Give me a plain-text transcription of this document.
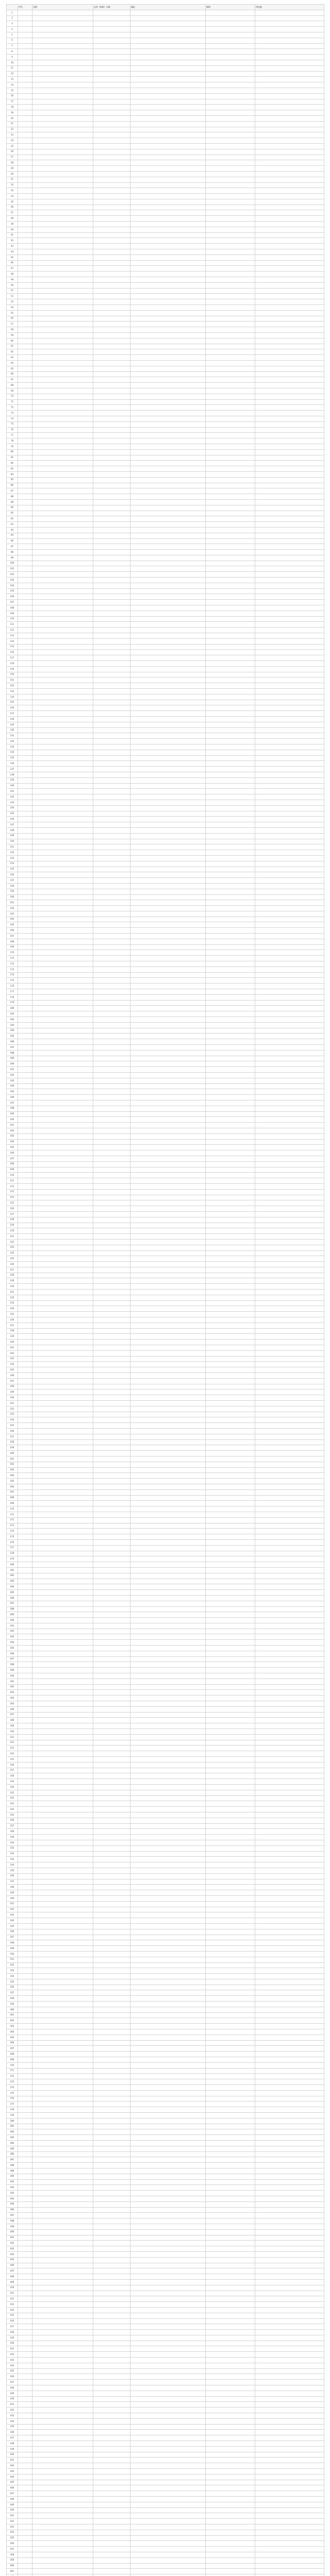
	序号	名称	企业（机构）名称	地址	级别	所在地
1						
2						
3						
4						
5						
6						
7						
8						
9						
10						
11						
12						
13						
14						
15						
16						
17						
18						
19						
20						
21						
22						
23						
24						
25						
26						
27						
28						
29						
30						
31						
32						
33						
34						
35						
36						
37						
38						
39						
40						
41						
42						
43						
44						
45						
46						
47						
48						
49						
50						
51						
52						
53						
54						
55						
56						
57						
58						
59						
60						
61						
62						
63						
64						
65						
66						
67						
68						
69						
70						
71						
72						
73						
74						
75						
76						
77						
78						
79						
80						
81						
82						
83						
84						
85						
86						
87						
88						
89						
90						
91						
92						
93						
94						
95						
96						
97						
98						
99						
100						
101						
102						
103						
104						
105						
106						
107						
108						
109						
110						
111						
112						
113						
114						
115						
116						
117						
118						
119						
120						
121						
122						
123						
124						
125						
126						
127						
128						
129						
130						
131						
132						
133						
134						
135						
136						
137						
138						
139						
140						
141						
142						
143						
144						
145						
146						
147						
148						
149						
150						
151						
152						
153						
154						
155						
156						
157						
158						
159						
160						
161						
162						
163						
164						
165						
166						
167						
168						
169						
170						
171						
172						
173						
174						
175						
176						
177						
178						
179						
180						
181						
182						
183						
184						
185						
186						
187						
188						
189						
190						
191						
192						
193						
194						
195						
196						
197						
198						
199						
200						
201						
202						
203						
204						
205						
206						
207						
208						
209						
210						
211						
212						
213						
214						
215						
216						
217						
218						
219						
220						
221						
222						
223						
224						
225						
226						
227						
228						
229						
230						
231						
232						
233						
234						
235						
236						
237						
238						
239						
240						
241						
242						
243						
244						
245						
246						
247						
248						
249						
250						
251						
252						
253						
254						
255						
256						
257						
258						
259						
260						
261						
262						
263						
264						
265						
266						
267						
268						
269						
270						
271						
272						
273						
274						
275						
276						
277						
278						
279						
280						
281						
282						
283						
284						
285						
286						
287						
288						
289						
290						
291						
292						
293						
294						
295						
296						
297						
298						
299						
300						
301						
302						
303						
304						
305						
306						
307						
308						
309						
310						
311						
312						
313						
314						
315						
316						
317						
318						
319						
320						
321						
322						
323						
324						
325						
326						
327						
328						
329						
330						
331						
332						
333						
334						
335						
336						
337						
338						
339						
340						
341						
342						
343						
344						
345						
346						
347						
348						
349						
350						
351						
352						
353						
354						
355						
356						
357						
358						
359						
360						
361						
362						
363						
364						
365						
366						
367						
368						
369						
370						
371						
372						
373						
374						
375						
376						
377						
378						
379						
380						
381						
382						
383						
384						
385						
386						
387						
388						
389						
390						
391						
392						
393						
394						
395						
396						
397						
398						
399						
400						
401						
402						
403						
404						
405						
406						
407						
408						
409						
410						
411						
412						
413						
414						
415						
416						
417						
418						
419						
420						
421						
422						
423						
424						
425						
426						
427						
428						
429						
430						
431						
432						
433						
434						
435						
436						
437						
438						
439						
440						
441						
442						
443						
444						
445						
446						
447						
448						
449						
450						
451						
452						
453						
454						
455						
456						
457						
458						
459						
460						
461						
